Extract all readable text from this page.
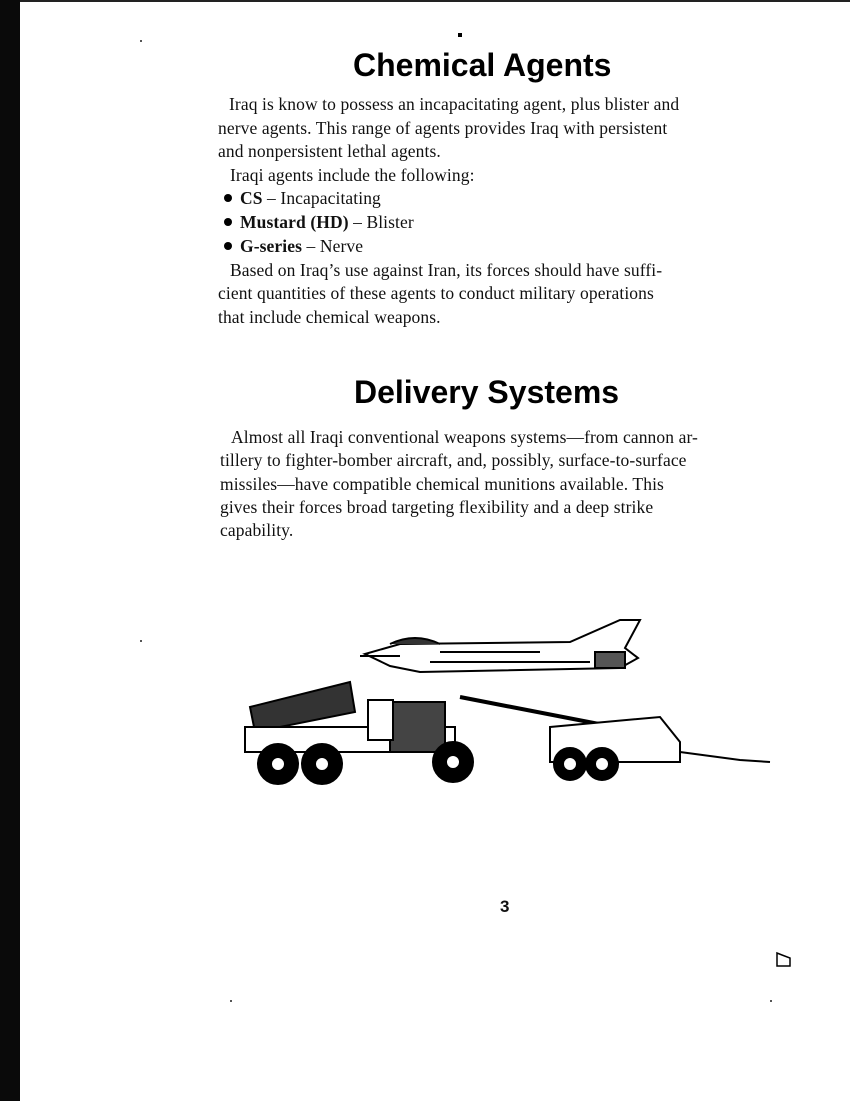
Chemical Agents
Iraq is know to possess an incapacitating agent, plus blister and
nerve agents. This range of agents provides Iraq with persistent
and nonpersistent lethal agents.
Iraqi agents include the following:
CS – Incapacitating
Mustard (HD) – Blister
G-series – Nerve
Based on Iraq’s use against Iran, its forces should have suffi-
cient quantities of these agents to conduct military operations
that include chemical weapons.
Delivery Systems
Almost all Iraqi conventional weapons systems—from cannon ar-
tillery to fighter-bomber aircraft, and, possibly, surface-to-surface
missiles—have compatible chemical munitions available. This
gives their forces broad targeting flexibility and a deep strike
capability.
3
